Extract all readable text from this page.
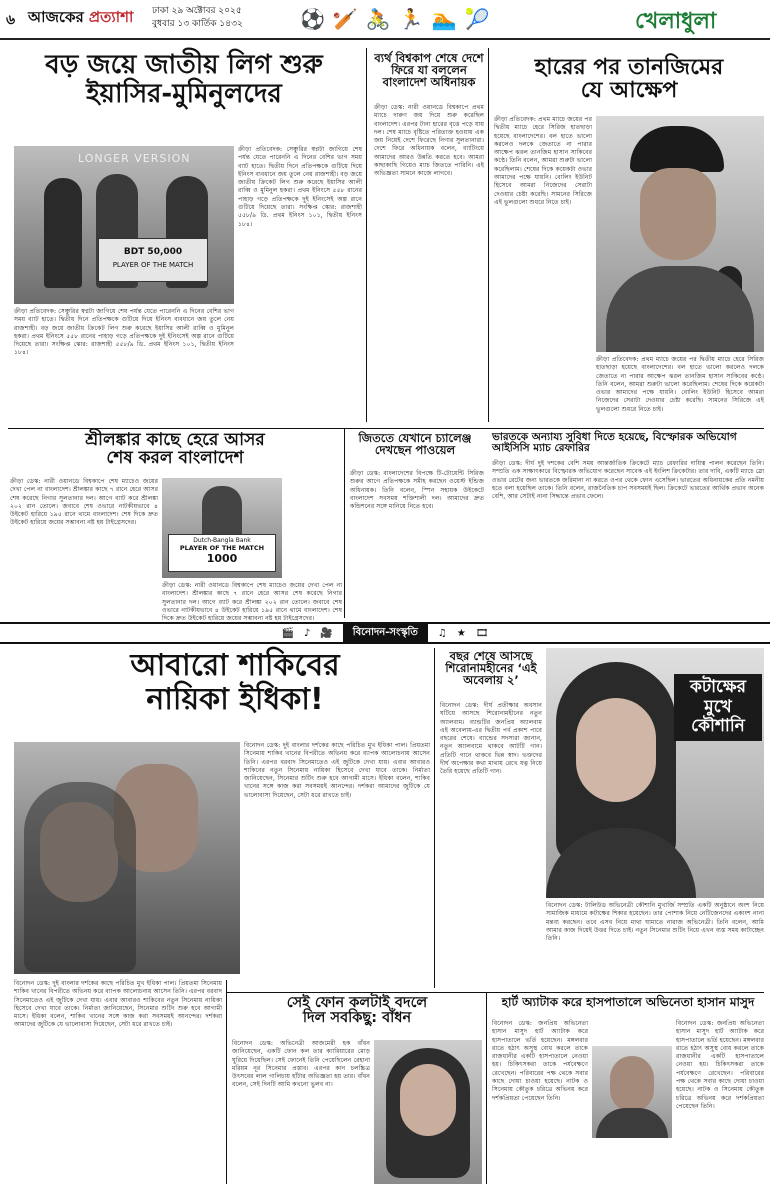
৬ আজকের প্রত্যাশা ঢাকা ২৯ অক্টোবর ২০২৫
বুধবার ১৩ কার্তিক ১৪৩২	⚽ 🏏 🚴 🏃 🏊 🎾	খেলাধুলা
বড় জয়ে জাতীয় লিগ শুরু
ইয়াসির-মুমিনুলদের
LONGER VERSION
BDT 50,000
PLAYER OF THE MATCH
ক্রীড়া প্রতিবেদক: সেঞ্চুরির স্বপ্নটা জাগিয়ে শেষ পর্যন্ত যেতে পারেননি এ দিনের বেশির ভাগ সময় ব্যাট হাতে। দ্বিতীয় দিনে প্রতিপক্ষকে গুটিয়ে দিয়ে ইনিংস ব্যবধানে জয় তুলে নেয় রাজশাহী। বড় জয়ে জাতীয় ক্রিকেট লিগ শুরু করেছে ইয়াসির আলী রাব্বি ও মুমিনুল হকরা। প্রথম ইনিংসে ৫৫৮ রানের পাহাড় গড়ে প্রতিপক্ষকে দুই ইনিংসেই অল্প রানে গুটিয়ে দিয়েছে তারা। সংক্ষিপ্ত স্কোর: রাজশাহী ৫৫৮/৯ ডি. প্রথম ইনিংস ১০১, দ্বিতীয় ইনিংস ১৮৪।
ক্রীড়া প্রতিবেদক: সেঞ্চুরির স্বপ্নটা জাগিয়ে শেষ পর্যন্ত যেতে পারেননি এ দিনের বেশির ভাগ সময় ব্যাট হাতে। দ্বিতীয় দিনে প্রতিপক্ষকে গুটিয়ে দিয়ে ইনিংস ব্যবধানে জয় তুলে নেয় রাজশাহী। বড় জয়ে জাতীয় ক্রিকেট লিগ শুরু করেছে ইয়াসির আলী রাব্বি ও মুমিনুল হকরা। প্রথম ইনিংসে ৫৫৮ রানের পাহাড় গড়ে প্রতিপক্ষকে দুই ইনিংসেই অল্প রানে গুটিয়ে দিয়েছে তারা। সংক্ষিপ্ত স্কোর: রাজশাহী ৫৫৮/৯ ডি. প্রথম ইনিংস ১০১, দ্বিতীয় ইনিংস ১৮৪।
ব্যর্থ বিশ্বকাপ শেষে দেশে ফিরে যা বললেন বাংলাদেশ অধিনায়ক
ক্রীড়া ডেস্ক: নারী ওয়ানডে বিশ্বকাপে প্রথম ম্যাচে দারুণ জয় দিয়ে শুরু করেছিল বাংলাদেশ। এরপর টানা হারের বৃত্তে পড়ে যায় দল। শেষ ম্যাচে বৃষ্টিতে পরিত্যক্ত হওয়ায় এক জয় নিয়েই দেশে ফিরেছে নিগার সুলতানারা। দেশে ফিরে অধিনায়ক বলেন, ব্যাটিংয়ে আমাদের আরও উন্নতি করতে হবে। আমরা কাছাকাছি গিয়েও ম্যাচ জিততে পারিনি। এই অভিজ্ঞতা সামনে কাজে লাগবে।
হারের পর তানজিমের
যে আক্ষেপ
ক্রীড়া প্রতিবেদক: প্রথম ম্যাচে জয়ের পর দ্বিতীয় ম্যাচে হেরে সিরিজ হাতছাড়া হয়েছে বাংলাদেশের। বল হাতে ভালো করলেও দলকে জেতাতে না পারার আক্ষেপ ঝরল তানজিম হাসান সাকিবের কণ্ঠে। তিনি বলেন, আমরা শুরুটা ভালো করেছিলাম। শেষের দিকে কয়েকটা ওভার আমাদের পক্ষে যায়নি। বোলিং ইউনিট হিসেবে আমরা নিজেদের সেরাটা দেওয়ার চেষ্টা করেছি। সামনের সিরিজে এই ভুলগুলো শুধরে নিতে চাই।
ক্রীড়া প্রতিবেদক: প্রথম ম্যাচে জয়ের পর দ্বিতীয় ম্যাচে হেরে সিরিজ হাতছাড়া হয়েছে বাংলাদেশের। বল হাতে ভালো করলেও দলকে জেতাতে না পারার আক্ষেপ ঝরল তানজিম হাসান সাকিবের কণ্ঠে। তিনি বলেন, আমরা শুরুটা ভালো করেছিলাম। শেষের দিকে কয়েকটা ওভার আমাদের পক্ষে যায়নি। বোলিং ইউনিট হিসেবে আমরা নিজেদের সেরাটা দেওয়ার চেষ্টা করেছি। সামনের সিরিজে এই ভুলগুলো শুধরে নিতে চাই।
শ্রীলঙ্কার কাছে হেরে আসর
শেষ করল বাংলাদেশ
ক্রীড়া ডেস্ক: নারী ওয়ানডে বিশ্বকাপে শেষ ম্যাচেও জয়ের দেখা পেল না বাংলাদেশ। শ্রীলঙ্কার কাছে ৭ রানে হেরে আসর শেষ করেছে নিগার সুলতানার দল। আগে ব্যাট করে শ্রীলঙ্কা ২০২ রান তোলে। জবাবে শেষ ওভারে নাটকীয়ভাবে ৪ উইকেট হারিয়ে ১৯৫ রানে থামে বাংলাদেশ। শেষ দিকে দ্রুত উইকেট হারিয়ে জয়ের সম্ভাবনা নষ্ট হয় টাইগ্রেসদের।
Dutch-Bangla Bank
PLAYER OF THE MATCH
1000
ক্রীড়া ডেস্ক: নারী ওয়ানডে বিশ্বকাপে শেষ ম্যাচেও জয়ের দেখা পেল না বাংলাদেশ। শ্রীলঙ্কার কাছে ৭ রানে হেরে আসর শেষ করেছে নিগার সুলতানার দল। আগে ব্যাট করে শ্রীলঙ্কা ২০২ রান তোলে। জবাবে শেষ ওভারে নাটকীয়ভাবে ৪ উইকেট হারিয়ে ১৯৫ রানে থামে বাংলাদেশ। শেষ দিকে দ্রুত উইকেট হারিয়ে জয়ের সম্ভাবনা নষ্ট হয় টাইগ্রেসদের।
জিততে যেখানে চ্যালেঞ্জ দেখছেন পাওয়েল
ক্রীড়া ডেস্ক: বাংলাদেশের বিপক্ষে টি-টোয়েন্টি সিরিজ শুরুর আগে প্রতিপক্ষকে সমীহ করছেন ওয়েস্ট ইন্ডিজ অধিনায়ক। তিনি বলেন, স্পিন সহায়ক উইকেটে বাংলাদেশ সবসময় শক্তিশালী দল। আমাদের দ্রুত কন্ডিশনের সঙ্গে মানিয়ে নিতে হবে।
ভারতকে অন্যায্য সুবিধা দিতে হয়েছে, বিস্ফোরক অভিযোগ আইসিসি ম্যাচ রেফারির
ক্রীড়া ডেস্ক: দীর্ঘ দুই দশকের বেশি সময় আন্তর্জাতিক ক্রিকেটে ম্যাচ রেফারির দায়িত্ব পালন করেছেন তিনি। সম্প্রতি এক সাক্ষাৎকারে বিস্ফোরক অভিযোগ করেছেন সাবেক এই ইংলিশ ক্রিকেটার। তার দাবি, একটি ম্যাচে স্লো ওভার রেটের জন্য ভারতকে জরিমানা না করতে ওপর থেকে ফোন এসেছিল। ভারতের অধিনায়কের প্রতি নমনীয় হতে বলা হয়েছিল তাকে। তিনি বলেন, রাজনৈতিক চাপ সবসময়ই ছিল। ক্রিকেটে ভারতের আর্থিক প্রভাব অনেক বেশি, আর সেটাই নানা সিদ্ধান্তে প্রভাব ফেলে।
🎬 ♪ 🎥	বিনোদন-সংস্কৃতি	♫ ★ 🎞
আবারো শাকিবের
নায়িকা ইধিকা!
বিনোদন ডেস্ক: দুই বাংলার দর্শকের কাছে পরিচিত মুখ ইধিকা পাল। প্রিয়তমা সিনেমায় শাকিব খানের বিপরীতে অভিনয় করে ব্যাপক আলোচনায় আসেন তিনি। এরপর বরবাদ সিনেমাতেও এই জুটিকে দেখা যায়। এবার আবারও শাকিবের নতুন সিনেমায় নায়িকা হিসেবে দেখা যাবে তাকে। নির্মাতা জানিয়েছেন, সিনেমার শুটিং শুরু হবে আগামী মাসে। ইধিকা বলেন, শাকিব খানের সঙ্গে কাজ করা সবসময়ই আনন্দের। দর্শকরা আমাদের জুটিকে যে ভালোবাসা দিয়েছেন, সেটা ধরে রাখতে চাই।
বিনোদন ডেস্ক: দুই বাংলার দর্শকের কাছে পরিচিত মুখ ইধিকা পাল। প্রিয়তমা সিনেমায় শাকিব খানের বিপরীতে অভিনয় করে ব্যাপক আলোচনায় আসেন তিনি। এরপর বরবাদ সিনেমাতেও এই জুটিকে দেখা যায়। এবার আবারও শাকিবের নতুন সিনেমায় নায়িকা হিসেবে দেখা যাবে তাকে। নির্মাতা জানিয়েছেন, সিনেমার শুটিং শুরু হবে আগামী মাসে। ইধিকা বলেন, শাকিব খানের সঙ্গে কাজ করা সবসময়ই আনন্দের। দর্শকরা আমাদের জুটিকে যে ভালোবাসা দিয়েছেন, সেটা ধরে রাখতে চাই।
বছর শেষে আসছে শিরোনামহীনের ‘এই অবেলায় ২’
বিনোদন ডেস্ক: দীর্ঘ প্রতীক্ষার অবসান ঘটিয়ে আসছে শিরোনামহীনের নতুন অ্যালবাম। ব্যান্ডটির জনপ্রিয় অ্যালবাম এই অবেলায়-এর দ্বিতীয় পর্ব প্রকাশ পাবে বছরের শেষে। ব্যান্ডের সদস্যরা জানান, নতুন অ্যালবামে থাকবে আটটি গান। প্রতিটি গানে থাকবে ভিন্ন স্বাদ। ভক্তদের দীর্ঘ অপেক্ষার কথা মাথায় রেখে যত্ন নিয়ে তৈরি হয়েছে প্রতিটি গান।
কটাক্ষের
মুখে
কৌশানি
বিনোদন ডেস্ক: টালিউড অভিনেত্রী কৌশানি মুখার্জি সম্প্রতি একটি অনুষ্ঠানে অংশ নিয়ে সামাজিক মাধ্যমে কটাক্ষের শিকার হয়েছেন। তার পোশাক নিয়ে নেটিজেনদের একাংশ নানা মন্তব্য করছেন। তবে এসব নিয়ে মাথা ঘামাতে নারাজ অভিনেত্রী। তিনি বলেন, আমি আমার কাজ দিয়েই উত্তর দিতে চাই। নতুন সিনেমার শুটিং নিয়ে এখন ব্যস্ত সময় কাটাচ্ছেন তিনি।
সেই ফোন কলটাই বদলে
দিল সবকিছু: বাঁধন
বিনোদন ডেস্ক: অভিনেত্রী আজমেরী হক বাঁধন জানিয়েছেন, একটি ফোন কল তার ক্যারিয়ারের মোড় ঘুরিয়ে দিয়েছিল। সেই ফোনেই তিনি পেয়েছিলেন রেহানা মরিয়ম নূর সিনেমার প্রস্তাব। এরপর কান চলচ্চিত্র উৎসবের লাল গালিচায় হাঁটার অভিজ্ঞতা হয় তার। বাঁধন বলেন, সেই দিনটি আমি কখনো ভুলব না।
হার্ট অ্যাটাক করে হাসপাতালে অভিনেতা হাসান মাসুদ
বিনোদন ডেস্ক: জনপ্রিয় অভিনেতা হাসান মাসুদ হার্ট অ্যাটাক করে হাসপাতালে ভর্তি হয়েছেন। মঙ্গলবার রাতে হঠাৎ অসুস্থ বোধ করলে তাকে রাজধানীর একটি হাসপাতালে নেওয়া হয়। চিকিৎসকরা তাকে পর্যবেক্ষণে রেখেছেন। পরিবারের পক্ষ থেকে সবার কাছে দোয়া চাওয়া হয়েছে। নাটক ও সিনেমায় কৌতুক চরিত্রে অভিনয় করে দর্শকপ্রিয়তা পেয়েছেন তিনি।
বিনোদন ডেস্ক: জনপ্রিয় অভিনেতা হাসান মাসুদ হার্ট অ্যাটাক করে হাসপাতালে ভর্তি হয়েছেন। মঙ্গলবার রাতে হঠাৎ অসুস্থ বোধ করলে তাকে রাজধানীর একটি হাসপাতালে নেওয়া হয়। চিকিৎসকরা তাকে পর্যবেক্ষণে রেখেছেন। পরিবারের পক্ষ থেকে সবার কাছে দোয়া চাওয়া হয়েছে। নাটক ও সিনেমায় কৌতুক চরিত্রে অভিনয় করে দর্শকপ্রিয়তা পেয়েছেন তিনি।
